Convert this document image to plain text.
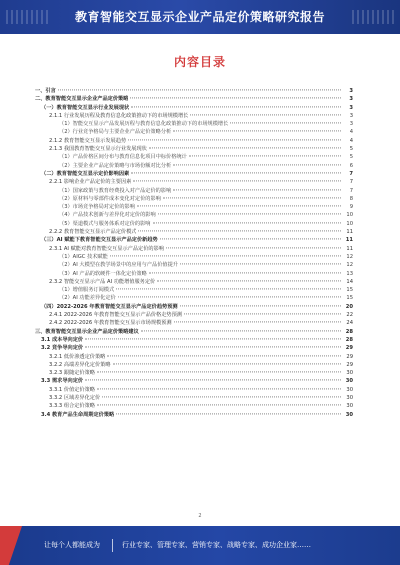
教育智能交互显示企业产品定价策略研究报告
内容目录
一、引言	3
二、教育智能交互显示企业产品定价策略	3
（一）教育智能交互显示行业发展现状	3
2.1.1 行业发展历程及教育信息化政策推动下的市场规模增长	3
（1）智能交互显示产品发展历程与教育信息化政策推动下的市场规模增长	3
（2）行业竞争格局与主要企业产品定价策略分析	4
2.1.2 教育智能交互显示发展趋势	4
2.1.3 我国教育智能交互显示行业发展现状	5
（1）产品价格区间分布与教育信息化项目中标价格统计	5
（2）主要企业产品定价策略与市场份额对比分析	6
（二）教育智能交互显示定价影响因素	7
2.2.1 影响企业产品定价的主要因素	7
（1）国家政策与教育经费投入对产品定价的影响	7
（2）原材料与零部件成本变化对定价的影响	8
（3）市场竞争格局对定价的影响	9
（4）产品技术创新与差异化对定价的影响	10
（5）渠道模式与服务体系对定价的影响	10
2.2.2 教育智能交互显示产品定价模式	11
（三）AI 赋能下教育智能交互显示产品定价新趋势	11
2.3.1 AI 赋能对教育智能交互显示产品定价的影响	11
（1）AIGC 技术赋能	12
（2）AI 大模型在教学场景中的应用与产品价值提升	12
（3）AI 产品的软硬件一体化定价策略	13
2.3.2 智能交互显示产品 AI 功能增值服务定价	14
（1）增值服务订阅模式	15
（2）AI 功能差异化定价	15
（四）2022-2026 年教育智能交互显示产品定价趋势预测	20
2.4.1 2022-2026 年教育智能交互显示产品价格走势预测	22
2.4.2 2022-2026 年教育智能交互显示市场规模预测	24
三、教育智能交互显示企业产品定价策略建议	28
3.1 成本导向定价	28
3.2 竞争导向定价	29
3.2.1 低价渗透定价策略	29
3.2.2 高端差异化定价策略	29
3.2.3 跟随定价策略	30
3.3 需求导向定价	30
3.3.1 价值定价策略	30
3.3.2 区域差异化定价	30
3.3.3 组合定价策略	30
3.4 教育产品生命周期定价策略	30
2
让每个人都能成为	行业专家、管理专家、营销专家、战略专家、成功企业家……
